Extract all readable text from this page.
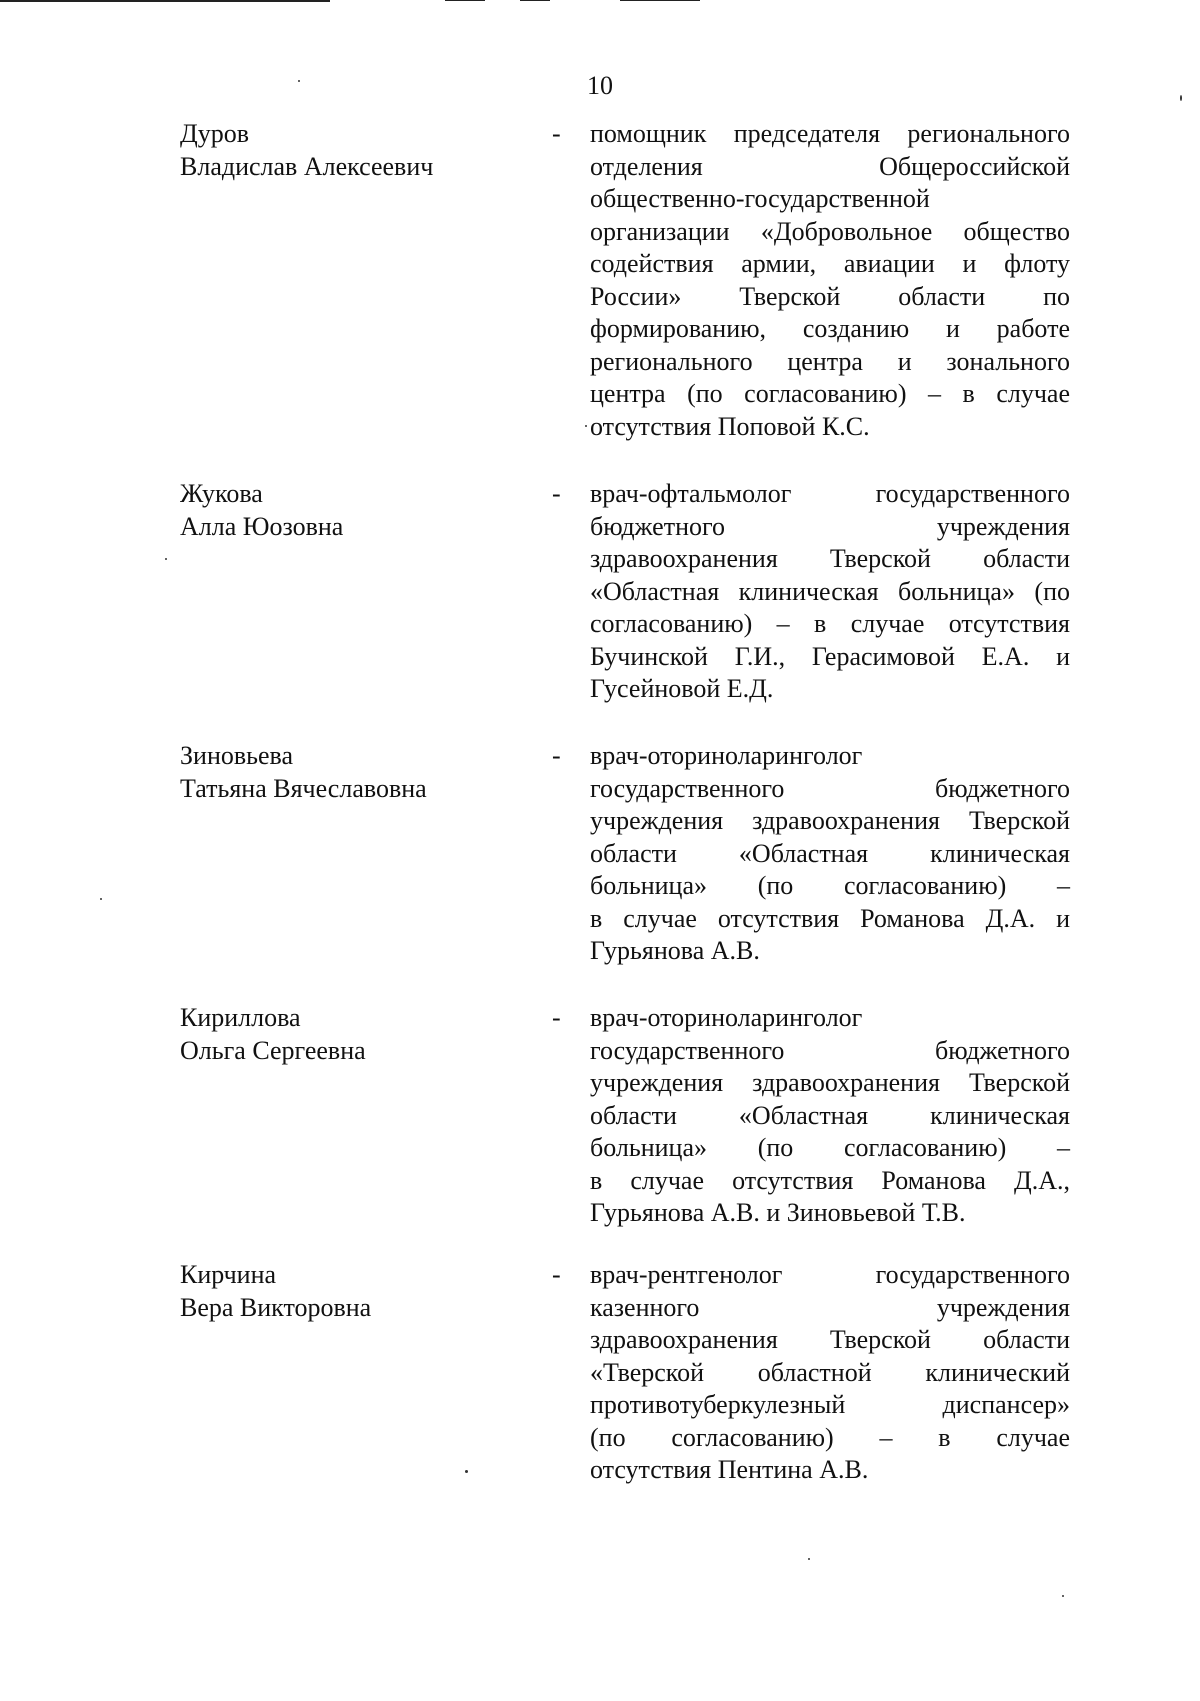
10
Дуров
Владислав Алексеевич
- помощник председателя регионального
отделения Общероссийской
общественно-государственной
организации «Добровольное общество
содействия армии, авиации и флоту
России» Тверской области по
формированию, созданию и работе
регионального центра и зонального
центра (по согласованию) – в случае
отсутствия Поповой К.С.
Жукова
Алла Юозовна
- врач-офтальмолог государственного
бюджетного учреждения
здравоохранения Тверской области
«Областная клиническая больница» (по
согласованию) – в случае отсутствия
Бучинской Г.И., Герасимовой Е.А. и
Гусейновой Е.Д.
Зиновьева
Татьяна Вячеславовна
- врач-оториноларинголог
государственного бюджетного
учреждения здравоохранения Тверской
области «Областная клиническая
больница» (по согласованию) –
в случае отсутствия Романова Д.А. и
Гурьянова А.В.
Кириллова
Ольга Сергеевна
- врач-оториноларинголог
государственного бюджетного
учреждения здравоохранения Тверской
области «Областная клиническая
больница» (по согласованию) –
в случае отсутствия Романова Д.А.,
Гурьянова А.В. и Зиновьевой Т.В.
Кирчина
Вера Викторовна
- врач-рентгенолог государственного
казенного учреждения
здравоохранения Тверской области
«Тверской областной клинический
противотуберкулезный диспансер»
(по согласованию) – в случае
отсутствия Пентина А.В.
